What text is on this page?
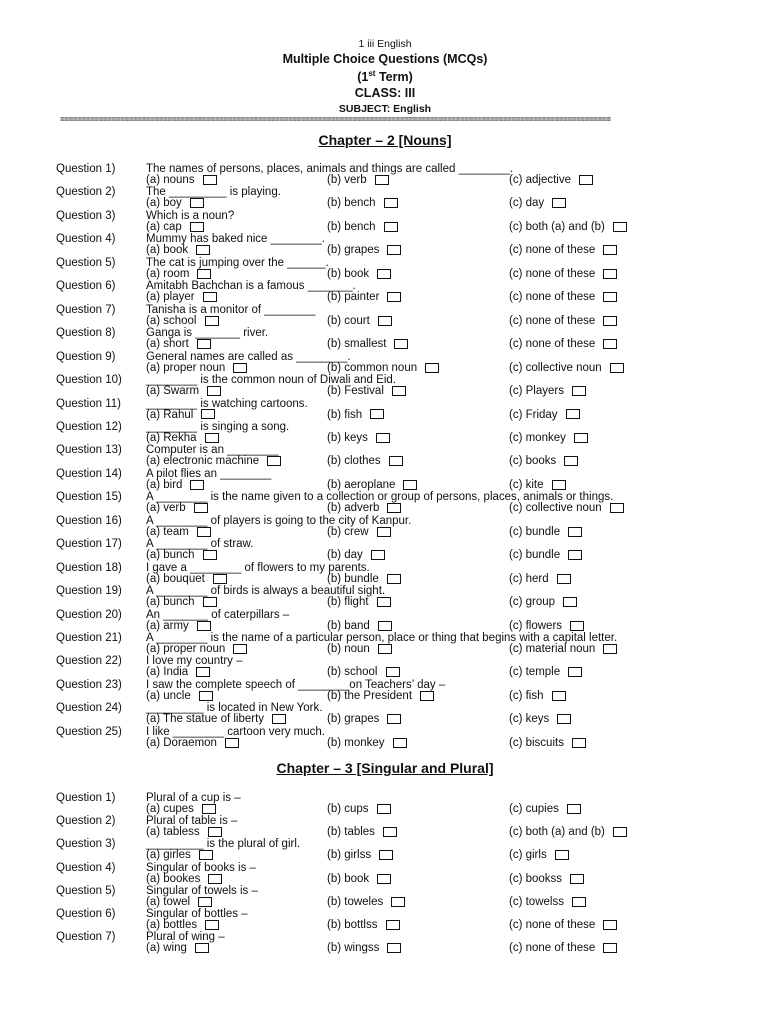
1 iii English
Multiple Choice Questions (MCQs)
(1st Term)
CLASS: III
SUBJECT: English
================================================================================================================================
Chapter – 2 [Nouns]
Question 1)	The names of persons, places, animals and things are called ________.
(a) nouns	(b) verb	(c) adjective
Question 2)	The _________ is playing.
(a) boy	(b) bench	(c) day
Question 3)	Which is a noun?
(a) cap	(b) bench	(c) both (a) and (b)
Question 4)	Mummy has baked nice ________.
(a) book	(b) grapes	(c) none of these
Question 5)	The cat is jumping over the ______.
(a) room	(b) book	(c) none of these
Question 6)	Amitabh Bachchan is a famous _______.
(a) player	(b) painter	(c) none of these
Question 7)	Tanisha is a monitor of ________
(a) school	(b) court	(c) none of these
Question 8)	Ganga is _______ river.
(a) short	(b) smallest	(c) none of these
Question 9)	General names are called as ________.
(a) proper noun	(b) common noun	(c) collective noun
Question 10) ________ is the common noun of Diwali and Eid.
(a) Swarm	(b) Festival	(c) Players
Question 11) ________ is watching cartoons.
(a) Rahul	(b) fish	(c) Friday
Question 12) ________ is singing a song.
(a) Rekha	(b) keys	(c) monkey
Question 13) Computer is an ________
(a) electronic machine	(b) clothes	(c) books
Question 14) A pilot flies an ________
(a) bird	(b) aeroplane	(c) kite
Question 15) A ________ is the name given to a collection or group of persons, places, animals or things.
(a) verb	(b) adverb	(c) collective noun
Question 16) A ________ of players is going to the city of Kanpur.
(a) team	(b) crew	(c) bundle
Question 17) A ________ of straw.
(a) bunch	(b) day	(c) bundle
Question 18) I gave a ________ of flowers to my parents.
(a) bouquet	(b) bundle	(c) herd
Question 19) A ________ of birds is always a beautiful sight.
(a) bunch	(b) flight	(c) group
Question 20) An _______ of caterpillars –
(a) army	(b) band	(c) flowers
Question 21) A ________ is the name of a particular person, place or thing that begins with a capital letter.
(a) proper noun	(b) noun	(c) material noun
Question 22) I love my country –
(a) India	(b) school	(c) temple
Question 23) I saw the complete speech of ________on Teachers’ day –
(a) uncle	(b) the President	(c) fish
Question 24) _________ is located in New York.
(a) The statue of liberty	(b) grapes	(c) keys
Question 25) I like ________ cartoon very much.
(a) Doraemon	(b) monkey	(c) biscuits
Chapter – 3 [Singular and Plural]
Question 1)	Plural of a cup is –
(a) cupes	(b) cups	(c) cupies
Question 2)	Plural of table is –
(a) tabless	(b) tables	(c) both (a) and (b)
Question 3)	_________ is the plural of girl.
(a) girles	(b) girlss	(c) girls
Question 4)	Singular of books is –
(a) bookes	(b) book	(c) bookss
Question 5)	Singular of towels is –
(a) towel	(b) toweles	(c) towelss
Question 6)	Singular of bottles –
(a) bottles	(b) bottlss	(c) none of these
Question 7)	Plural of wing –
(a) wing	(b) wingss	(c) none of these
